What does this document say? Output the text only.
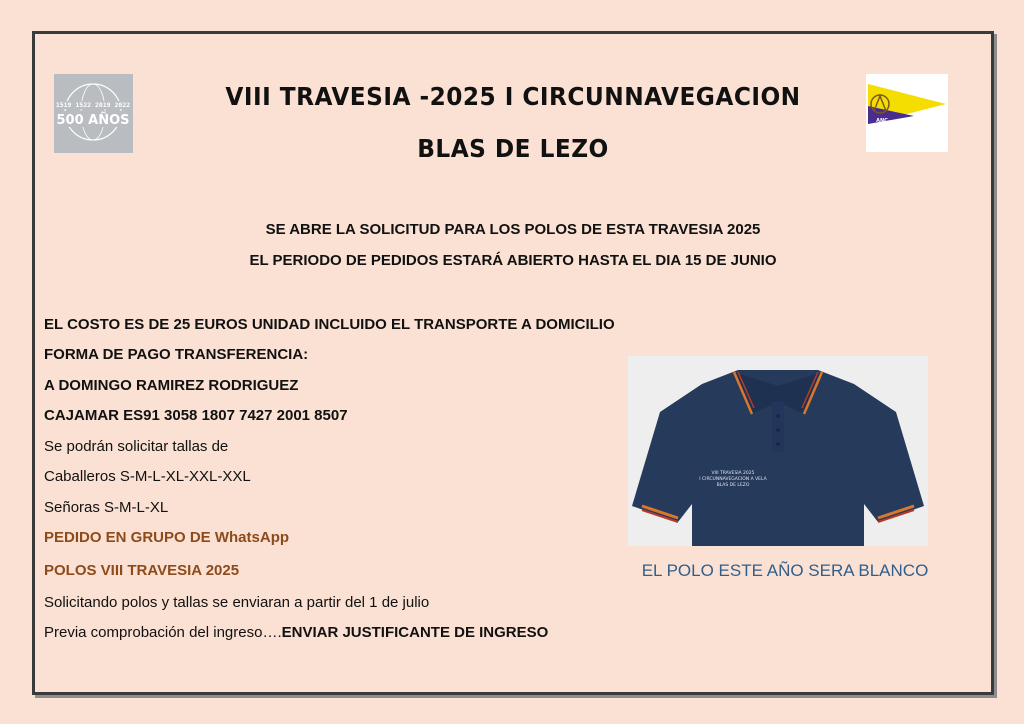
1519 1522 2019 2022
500 AÑOS
VIII TRAVESIA -2025 I CIRCUNNAVEGACION
BLAS DE LEZO
ANC

SE ABRE LA SOLICITUD PARA LOS POLOS DE ESTA TRAVESIA 2025

EL PERIODO DE PEDIDOS ESTARÁ ABIERTO HASTA EL DIA 15 DE JUNIO

EL COSTO ES DE 25 EUROS UNIDAD INCLUIDO EL TRANSPORTE A DOMICILIO

FORMA DE PAGO TRANSFERENCIA:

A DOMINGO RAMIREZ RODRIGUEZ

CAJAMAR ES91 3058 1807 7427 2001 8507

Se podrán solicitar tallas de

Caballeros S-M-L-XL-XXL-XXL

Señoras S-M-L-XL

PEDIDO EN GRUPO DE WhatsApp

POLOS VIII TRAVESIA 2025

Solicitando polos y tallas se enviaran a partir del 1 de julio

Previa comprobación del ingreso….ENVIAR JUSTIFICANTE DE INGRESO

VIII TRAVESIA 2025
I CIRCUNNAVEGACION A VELA
BLAS DE LEZO
EL POLO ESTE AÑO SERA BLANCO
